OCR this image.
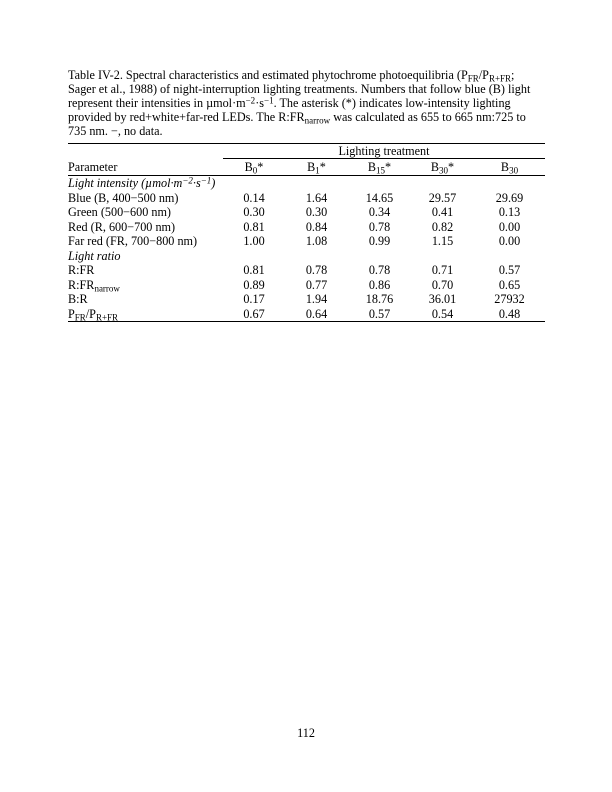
Table IV-2. Spectral characteristics and estimated phytochrome photoequilibria ($P_{FR}/P_{R+FR}$;
Sager et al., 1988) of night-interruption lighting treatments. Numbers that follow blue (B) light
represent their intensities in $\mu mol\cdot m^{-2}\cdot s^{-1}$. The asterisk (*) indicates low-intensity lighting
provided by red+white+far-red LEDs. The $R:FR_{narrow}$ was calculated as 655 to 665 nm:725 to
735 nm. −, no data.
	Lighting treatment				
Parameter	$B_0*$	$B_1*$	$B_{15}*$	$B_{30}*$	$B_{30}$
Light intensity $(\mu mol\cdot m^{-2}\cdot s^{-1})$					
Blue (B, 400−500 nm)	0.14	1.64	14.65	29.57	29.69
Green (500−600 nm)	0.30	0.30	0.34	0.41	0.13
Red (R, 600−700 nm)	0.81	0.84	0.78	0.82	0.00
Far red (FR, 700−800 nm)	1.00	1.08	0.99	1.15	0.00
Light ratio					
R:FR	0.81	0.78	0.78	0.71	0.57
$R:FR_{narrow}$	0.89	0.77	0.86	0.70	0.65
B:R	0.17	1.94	18.76	36.01	27932
$P_{FR}/P_{R+FR}$	0.67	0.64	0.57	0.54	0.48
112
